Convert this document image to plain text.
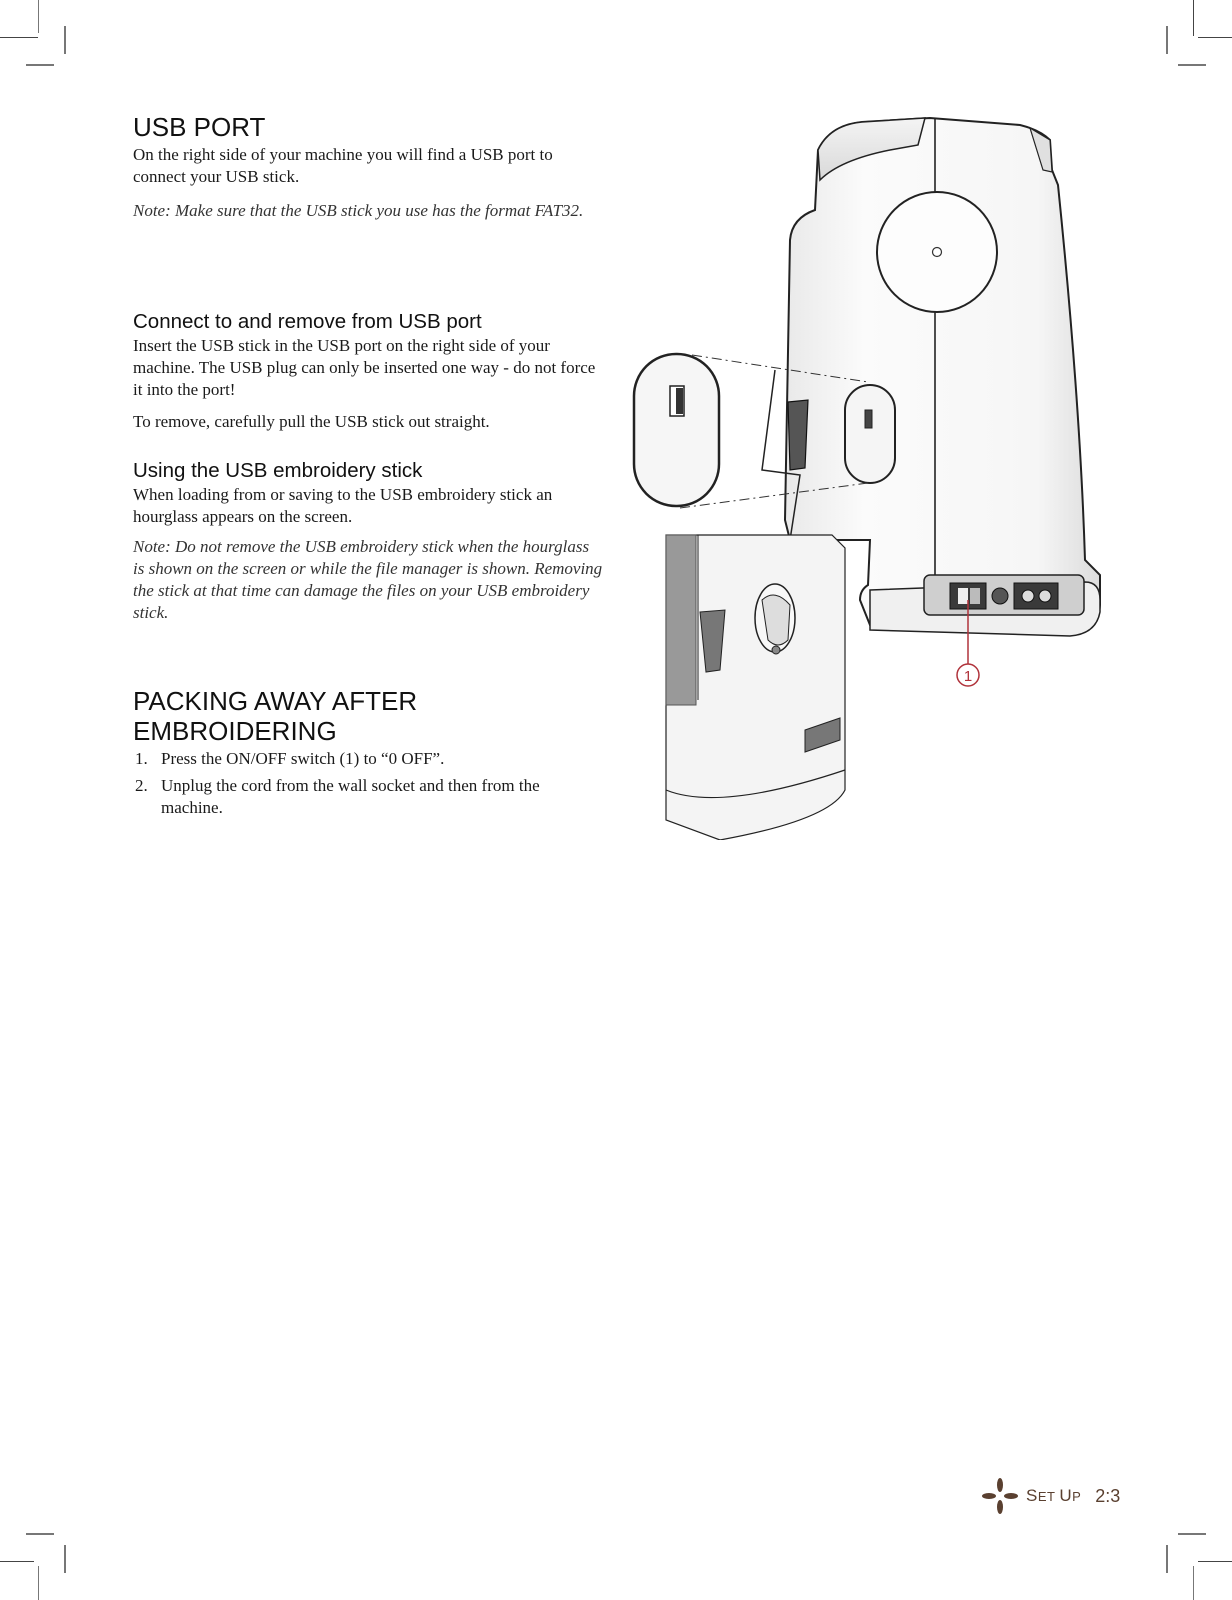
USB PORT

On the right side of your machine you will find a USB port to connect your USB stick.

Note: Make sure that the USB stick you use has the format FAT32.

Connect to and remove from USB port

Insert the USB stick in the USB port on the right side of your machine. The USB plug can only be inserted one way - do not force it into the port!

To remove, carefully pull the USB stick out straight.

Using the USB embroidery stick

When loading from or saving to the USB embroidery stick an hourglass appears on the screen.

Note: Do not remove the USB embroidery stick when the hourglass is shown on the screen or while the file manager is shown. Removing the stick at that time can damage the files on your USB embroidery stick.

PACKING AWAY AFTER
EMBROIDERING
1. Press the ON/OFF switch (1) to “0 OFF”.
2. Unplug the cord from the wall socket and then from the machine.
1
SET UP 2:3
